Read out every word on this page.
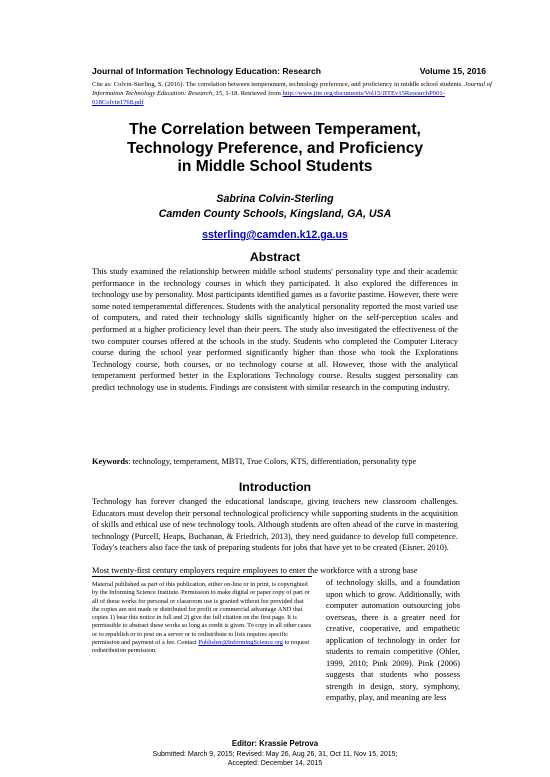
Journal of Information Technology Education: Research	Volume 15, 2016
Cite as: Colvin-Sterling, S. (2016). The correlation between temperament, technology preference, and proficiency in middle school students. Journal of Information Technology Education: Research, 15, 1-18. Retrieved from http://www.jite.org/documents/Vol15/JITEv15ResearchP001-018Colvin1768.pdf
The Correlation between Temperament,
Technology Preference, and Proficiency
in Middle School Students
Sabrina Colvin-Sterling
Camden County Schools, Kingsland, GA, USA
ssterling@camden.k12.ga.us
Abstract
This study examined the relationship between middle school students' personality type and their academic performance in the technology courses in which they participated. It also explored the differences in technology use by personality. Most participants identified games as a favorite pastime. However, there were some noted temperamental differences. Students with the analytical personality reported the most varied use of computers, and rated their technology skills significantly higher on the self-perception scales and performed at a higher proficiency level than their peers. The study also investigated the effectiveness of the two computer courses offered at the schools in the study. Students who completed the Computer Literacy course during the school year performed significantly higher than those who took the Explorations Technology course, both courses, or no technology course at all. However, those with the analytical temperament performed better in the Explorations Technology course. Results suggest personality can predict technology use in students. Findings are consistent with similar research in the computing industry.
Keywords: technology, temperament, MBTI, True Colors, KTS, differentiation, personality type
Introduction
Technology has forever changed the educational landscape, giving teachers new classroom challenges. Educators must develop their personal technological proficiency while supporting students in the acquisition of skills and ethical use of new technology tools. Although students are often ahead of the curve in mastering technology (Purcell, Heaps, Buchanan, & Friedrich, 2013), they need guidance to develop full competence. Today's teachers also face the task of preparing students for jobs that have yet to be created (Eisner, 2010).
Most twenty-first century employers require employees to enter the workforce with a strong base
of technology skills, and a foundation upon which to grow. Additionally, with computer automation outsourcing jobs overseas, there is a greater need for creative, cooperative, and empathetic application of technology in order for students to remain competitive (Ohler, 1999, 2010; Pink 2009). Pink (2006) suggests that students who possess strength in design, story, symphony, empathy, play, and meaning are less
Material published as part of this publication, either on-line or in print, is copyrighted by the Informing Science Institute. Permission to make digital or paper copy of part or all of these works for personal or classroom use is granted without fee provided that the copies are not made or distributed for profit or commercial advantage AND that copies 1) bear this notice in full and 2) give the full citation on the first page. It is permissible to abstract these works so long as credit is given. To copy in all other cases or to republish or to post on a server or to redistribute to lists requires specific permission and payment of a fee. Contact Publisher@InformingScience.org to request redistribution permission.
Editor: Krassie Petrova
Submitted: March 9, 2015; Revised: May 26, Aug 26, 31, Oct 11, Nov 15, 2015;
Accepted: December 14, 2015
